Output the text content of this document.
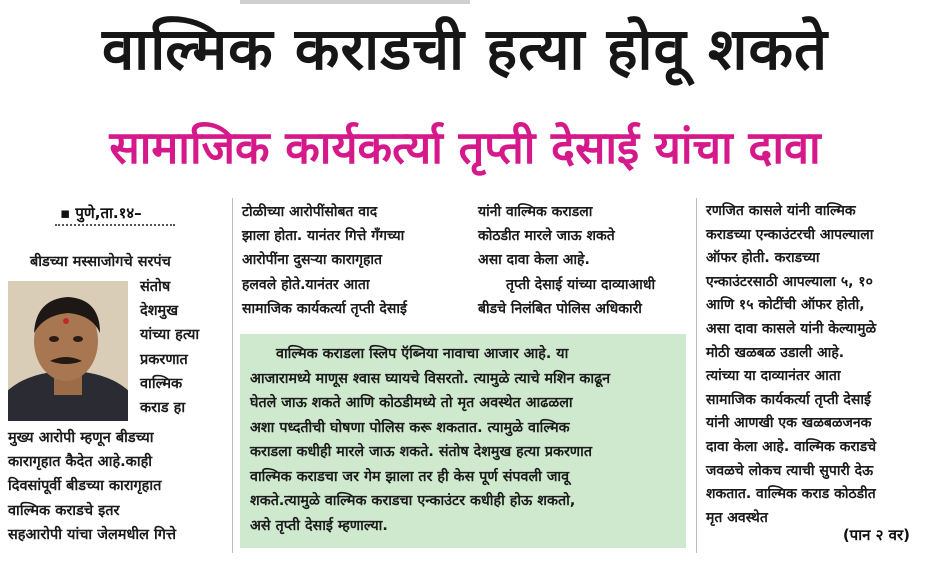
वाल्मिक कराडची हत्या होवू शकते
सामाजिक कार्यकर्त्या तृप्ती देसाई यांचा दावा
▪ पुणे,ता.१४–

बीडच्या मस्साजोगचे सरपंच

संतोष

देशमुख

यांच्या हत्या

प्रकरणात

वाल्मिक

कराड हा

मुख्य आरोपी म्हणून बीडच्या

कारागृहात कैदेत आहे.काही

दिवसांपूर्वी बीडच्या कारागृहात

वाल्मिक कराडचे इतर

सहआरोपी यांचा जेलमधील गित्ते

टोळीच्या आरोपींसोबत वाद

झाला होता. यानंतर गित्ते गँगच्या

आरोपींना दुसऱ्या कारागृहात

हलवले होते.यानंतर आता

सामाजिक कार्यकर्त्या तृप्ती देसाई

यांनी वाल्मिक कराडला

कोठडीत मारले जाऊ शकते

असा दावा केला आहे.

तृप्ती देसाई यांच्या दाव्याआधी

बीडचे निलंबित पोलिस अधिकारी

रणजित कासले यांनी वाल्मिक

कराडच्या एन्काउंटरची आपल्याला

ऑफर होती. कराडच्या

एन्काउंटरसाठी आपल्याला ५, १०

आणि १५ कोटींची ऑफर होती,

असा दावा कासले यांनी केल्यामुळे

मोठी खळबळ उडाली आहे.

त्यांच्या या दाव्यानंतर आता

सामाजिक कार्यकर्त्या तृप्ती देसाई

यांनी आणखी एक खळबळजनक

दावा केला आहे. वाल्मिक कराडचे

जवळचे लोकच त्याची सुपारी देऊ

शकतात. वाल्मिक कराड कोठडीत

मृत अवस्थेत

(पान २ वर)

वाल्मिक कराडला स्लिप ऍब्निया नावाचा आजार आहे. या

आजारामध्ये माणूस श्वास घ्यायचे विसरतो. त्यामुळे त्याचे मशिन काढून

घेतले जाऊ शकते आणि कोठडीमध्ये तो मृत अवस्थेत आढळला

अशा पध्दतीची घोषणा पोलिस करू शकतात. त्यामुळे वाल्मिक

कराडला कधीही मारले जाऊ शकते. संतोष देशमुख हत्या प्रकरणात

वाल्मिक कराडचा जर गेम झाला तर ही केस पूर्ण संपवली जावू

शकते.त्यामुळे वाल्मिक कराडचा एन्काउंटर कधीही होऊ शकतो,

असे तृप्ती देसाई म्हणाल्या.
